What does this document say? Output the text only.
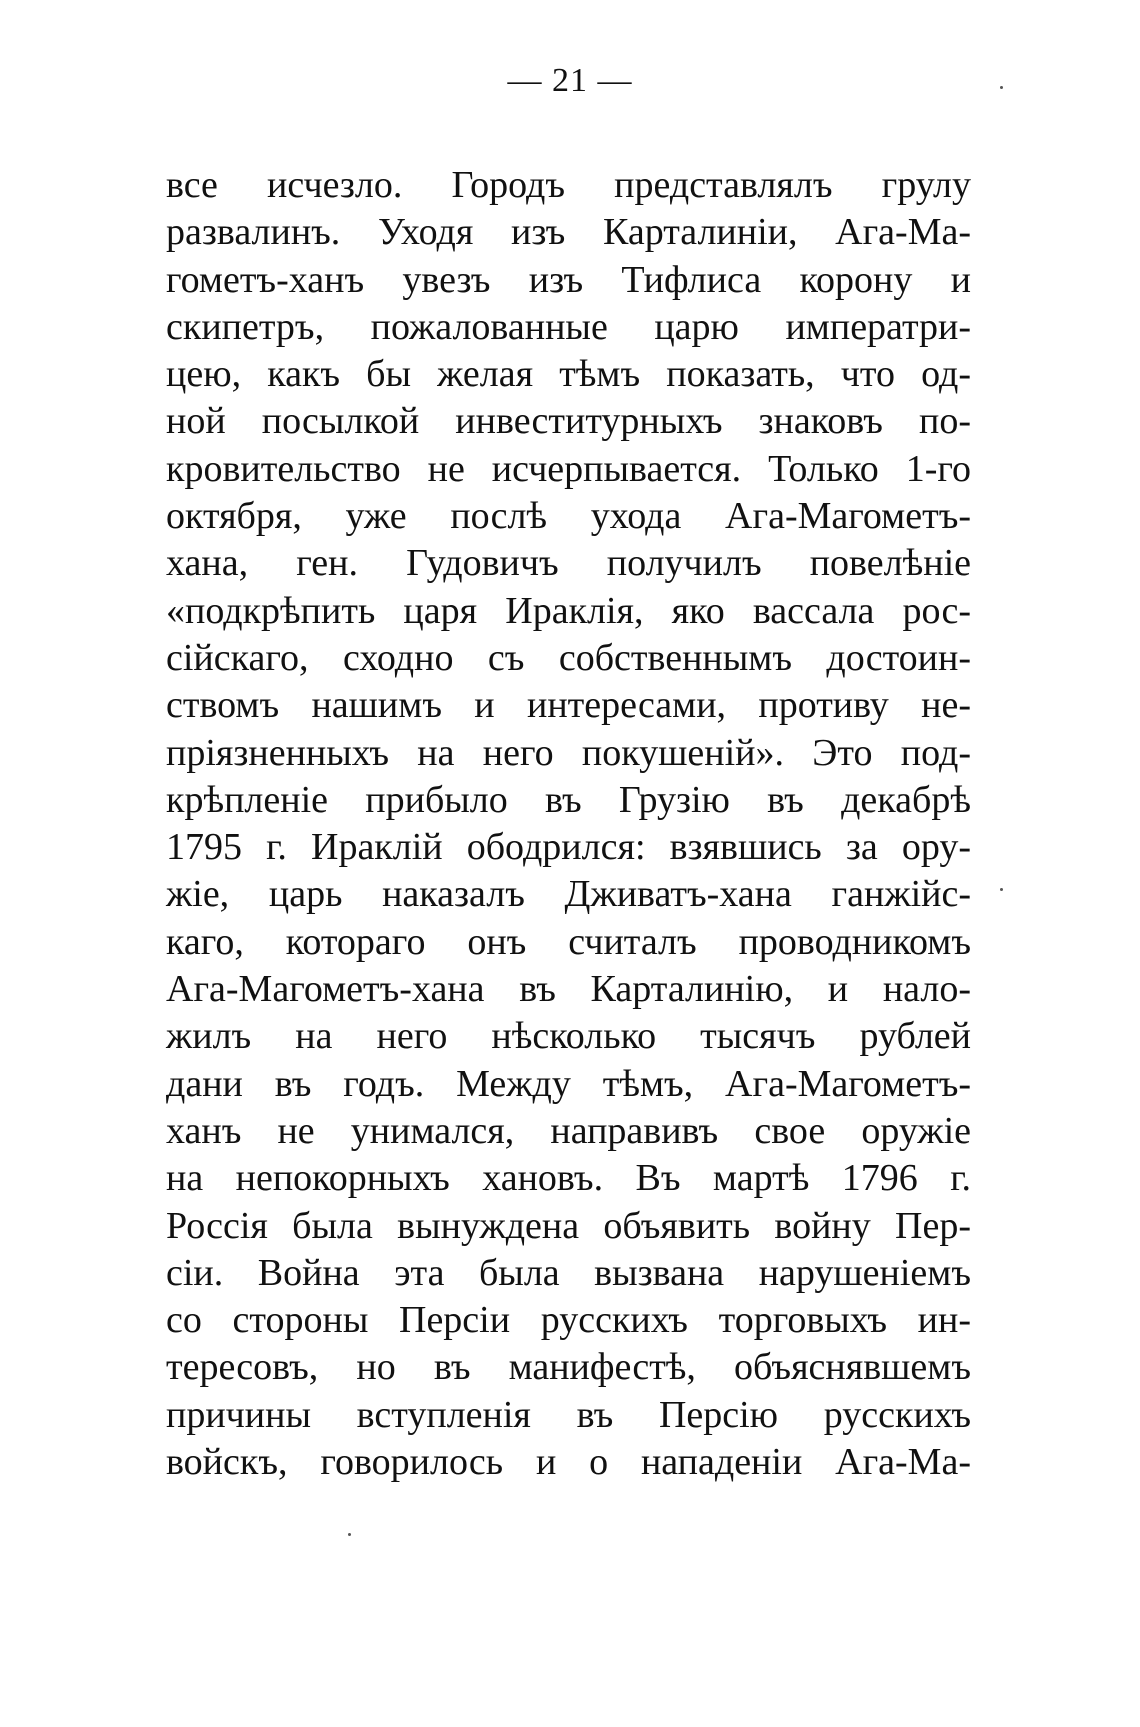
— 21 —
все исчезло. Городъ представлялъ грулу
развалинъ. Уходя изъ Карталиніи, Ага-Ма-
гометъ-ханъ увезъ изъ Тифлиса корону и
скипетръ, пожалованные царю императри-
цею, какъ бы желая тѣмъ показать, что од-
ной посылкой инвеститурныхъ знаковъ по-
кровительство не исчерпывается. Только 1-го
октября, уже послѣ ухода Ага-Магометъ-
хана, ген. Гудовичъ получилъ повелѣніе
«подкрѣпить царя Ираклія, яко вассала рос-
сійскаго, сходно съ собственнымъ достоин-
ствомъ нашимъ и интересами, противу не-
пріязненныхъ на него покушеній». Это под-
крѣпленіе прибыло въ Грузію въ декабрѣ
1795 г. Ираклій ободрился: взявшись за ору-
жіе, царь наказалъ Дживатъ-хана ганжійс-
каго, котораго онъ считалъ проводникомъ
Ага-Магометъ-хана въ Карталинію, и нало-
жилъ на него нѣсколько тысячъ рублей
дани въ годъ. Между тѣмъ, Ага-Магометъ-
ханъ не унимался, направивъ свое оружіе
на непокорныхъ хановъ. Въ мартѣ 1796 г.
Россія была вынуждена объявить войну Пер-
сіи. Война эта была вызвана нарушеніемъ
со стороны Персіи русскихъ торговыхъ ин-
тересовъ, но въ манифестѣ, объяснявшемъ
причины вступленія въ Персію русскихъ
войскъ, говорилось и о нападеніи Ага-Ма-
